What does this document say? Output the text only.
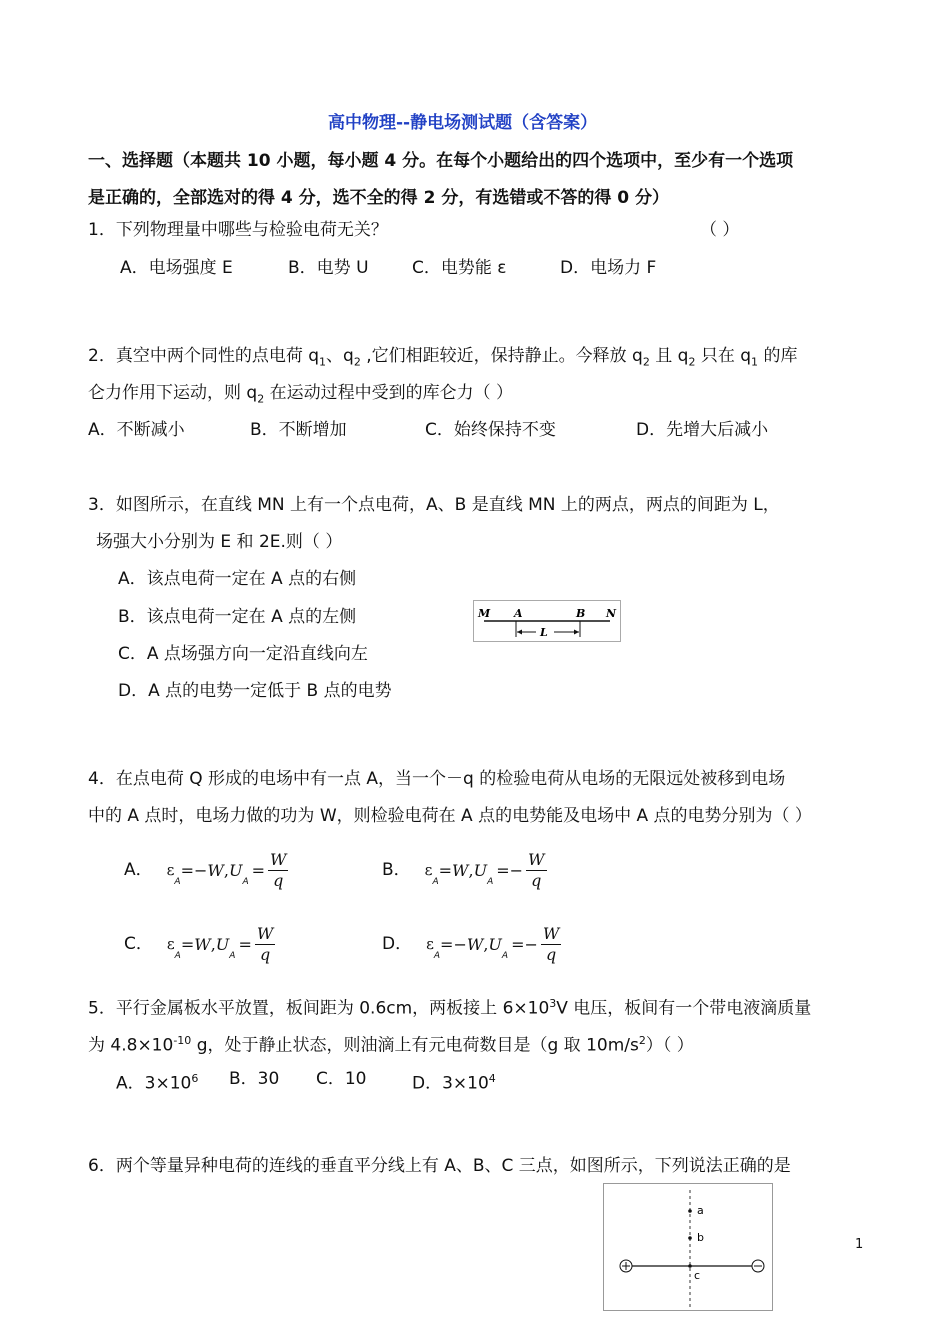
高中物理--静电场测试题（含答案）
一、选择题（本题共 10 小题，每小题 4 分。在每个小题给出的四个选项中，至少有一个选项
是正确的，全部选对的得 4 分，选不全的得 2 分，有选错或不答的得 0 分）
1．下列物理量中哪些与检验电荷无关？	（ ）
A．电场强度 E	B．电势 U	C．电势能 ε	D．电场力 F
2．真空中两个同性的点电荷 $q_1$、$q_2$ ,它们相距较近，保持静止。今释放 $q_2$ 且 $q_2$ 只在 $q_1$ 的库
仑力作用下运动，则 $q_2$ 在运动过程中受到的库仑力（ ）
A．不断减小	B．不断增加	C．始终保持不变	D．先增大后减小
3．如图所示，在直线 MN 上有一个点电荷，A、B 是直线 MN 上的两点，两点的间距为 L，
场强大小分别为 E 和 2E.则（ ）
A．该点电荷一定在 A 点的右侧
B．该点电荷一定在 A 点的左侧
C．A 点场强方向一定沿直线向左
D．A 点的电势一定低于 B 点的电势
M A	B N
L
4．在点电荷 Q 形成的电场中有一点 A，当一个－q 的检验电荷从电场的无限远处被移到电场
中的 A 点时，电场力做的功为 W，则检验电荷在 A 点的电势能及电场中 A 点的电势分别为（ ）
A． ε
A
=− W , U
A
= $\frac{W}{q}$	B． ε
A
= W , U
A
=− $\frac{W}{q}$
C． ε
A
= W , U
A
= $\frac{W}{q}$	D． ε
A
=− W , U
A
=− $\frac{W}{q}$
5．平行金属板水平放置，板间距为 0.6cm，两板接上 $6\times 10^3V$ 电压，板间有一个带电液滴质量
为 $4.8\times 10^{-10}$ g，处于静止状态，则油滴上有元电荷数目是（g 取 $10m/s^2$）（ ）
A．$3\times 10^6$ B．30 C．10	D．$3\times 10^4$
6．两个等量异种电荷的连线的垂直平分线上有 A、B、C 三点，如图所示，下列说法正确的是
a
b
c
1
